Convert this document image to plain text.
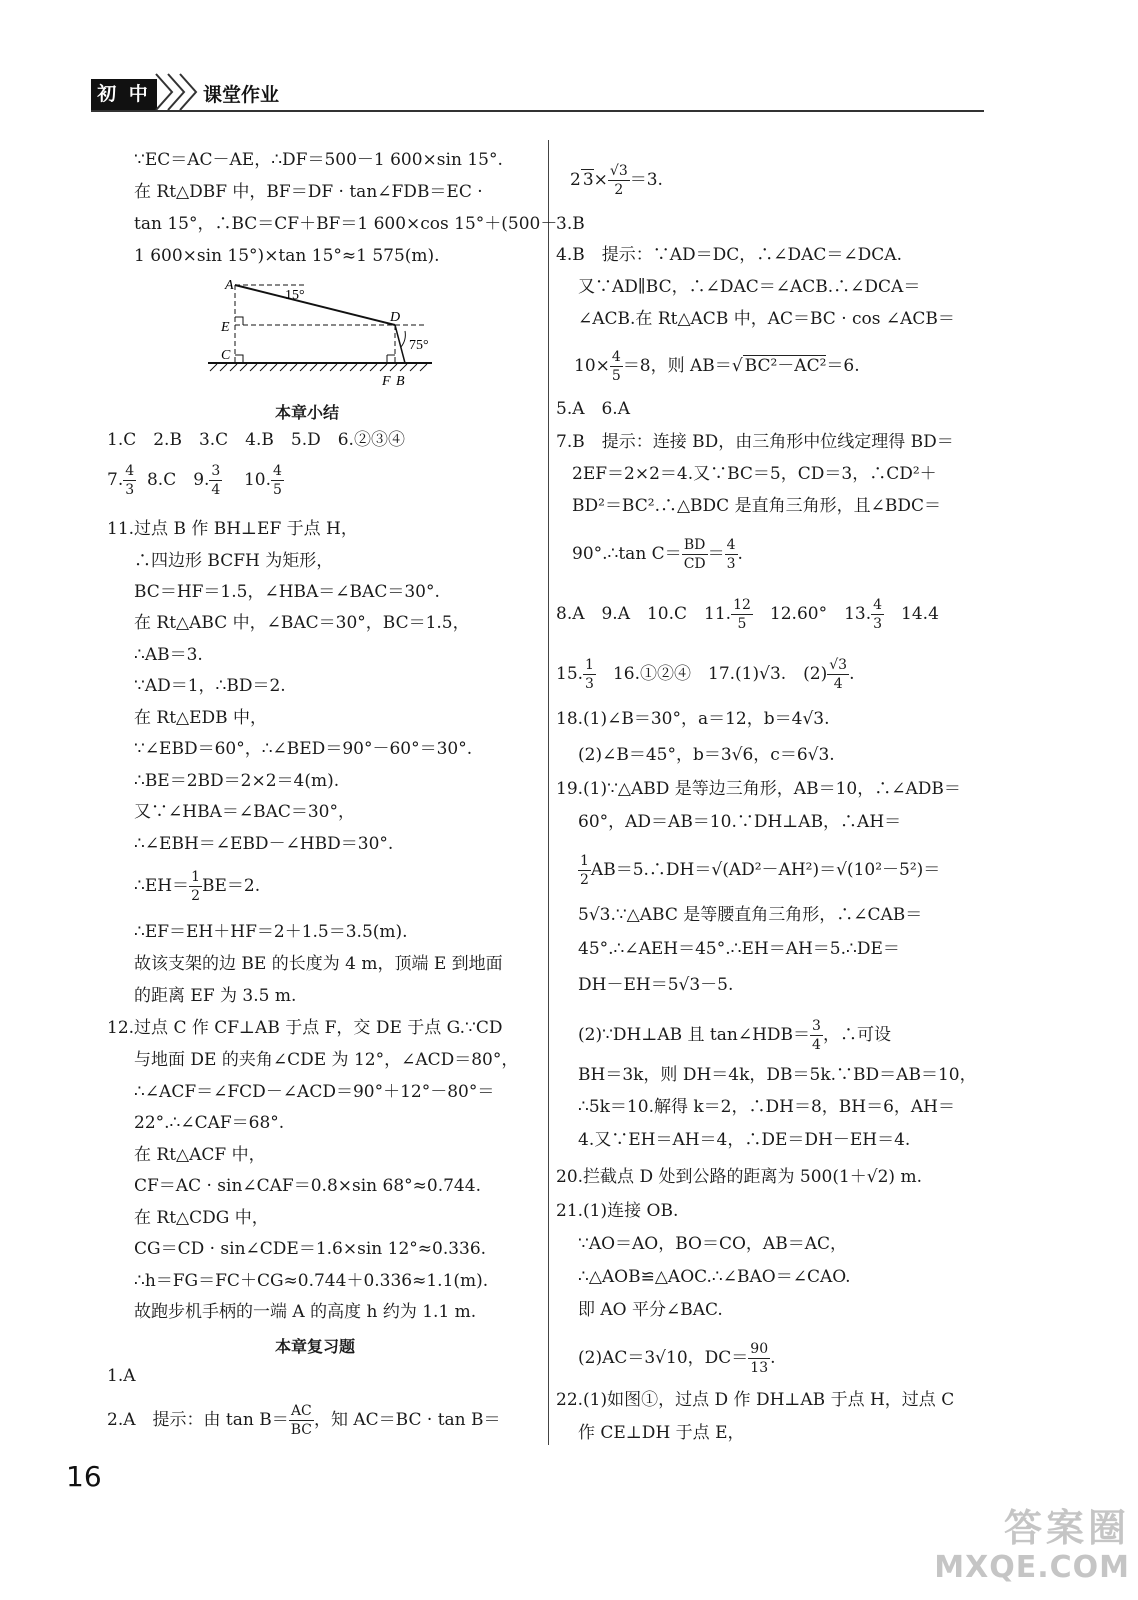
初 中	课堂作业
∵EC＝AC－AE，∴DF＝500－1 600×sin 15°.
在 Rt△DBF 中，BF＝DF · tan∠FDB＝EC ·
tan 15°，∴BC＝CF＋BF＝1 600×cos 15°＋(500－
1 600×sin 15°)×tan 15°≈1 575(m).
A
15°
E
C
D
75°
F B
本章小结
1.C　2.B　3.C　4.B　5.D　6.②③④
7. $\frac{4}{3} 8.C$　9. $\frac{3}{4} 10$. $\frac{4}{5}$
11.过点 B 作 BH⊥EF 于点 H，
∴四边形 BCFH 为矩形，
BC＝HF＝1.5，∠HBA＝∠BAC＝30°.
在 Rt△ABC 中，∠BAC＝30°，BC＝1.5，
∴AB＝3.
∵AD＝1，∴BD＝2.
在 Rt△EDB 中，
∵∠EBD＝60°，∴∠BED＝90°－60°＝30°.
∴BE＝2BD＝2×2＝4(m).
又∵∠HBA＝∠BAC＝30°，
∴∠EBH＝∠EBD－∠HBD＝30°.
∴EH＝ $\frac{1}{2} BE=2$.
∴EF＝EH＋HF＝2＋1.5＝3.5(m).
故该支架的边 BE 的长度为 4 m，顶端 E 到地面
的距离 EF 为 3.5 m.
12.过点 C 作 CF⊥AB 于点 F，交 DE 于点 G.∵CD
与地面 DE 的夹角∠CDE 为 12°，∠ACD＝80°，
∴∠ACF＝∠FCD－∠ACD＝90°＋12°－80°＝
22°.∴∠CAF＝68°.
在 Rt△ACF 中，
CF＝AC · sin∠CAF＝0.8×sin 68°≈0.744.
在 Rt△CDG 中，
CG＝CD · sin∠CDE＝1.6×sin 12°≈0.336.
∴h＝FG＝FC＋CG≈0.744＋0.336≈1.1(m).
故跑步机手柄的一端 A 的高度 h 约为 1.1 m.
本章复习题
1.A
2.A　提示：由 $\tan B= \frac{AC}{BC}$ ，知 AC＝BC · tan B＝
2 $3\times \frac{√3}{2} =3$.
3.B
4.B　提示：∵AD＝DC，∴∠DAC＝∠DCA.
又∵AD∥BC，∴∠DAC＝∠ACB.∴∠DCA＝
∠ACB.在 Rt△ACB 中，AC＝BC · cos ∠ACB＝
$10\times \frac{4}{5} =8$，则 AB＝√ BC²－AC²＝6.
5.A　6.A
7.B　提示：连接 BD，由三角形中位线定理得 BD＝
2EF＝2×2＝4.又∵BC＝5，CD＝3，∴CD²＋
BD²＝BC².∴△BDC 是直角三角形，且∠BDC＝
90°.∴tan $C= \frac{BD}{CD} = \frac{4}{3}$ .
8.A　9.A　10.C　11. $\frac{12}{5}$ 　12.60°　13. $\frac{4}{3}$ 　14.4
15. $\frac{1}{3}$ 　16.①②④　17.(1)√3.　$(2) \frac{√3}{4}$ .
18.(1)∠B＝30°，a＝12，b＝4√3.
(2)∠B＝45°，b＝3√6，c＝6√3.
19.(1)∵△ABD 是等边三角形，AB＝10，∴∠ADB＝
60°，AD＝AB＝10.∵DH⊥AB，∴AH＝
$\frac{1}{2}$ AB＝5.∴DH＝√(AD²－AH²)＝√(10²－5²)＝
5√3.∵△ABC 是等腰直角三角形，∴∠CAB＝
45°.∴∠AEH＝45°.∴EH＝AH＝5.∴DE＝
DH－EH＝5√3－5.
(2)∵DH⊥AB 且 tan∠HDB＝ $\frac{3}{4}$ ，∴可设
BH＝3k，则 DH＝4k，DB＝5k.∵BD＝AB＝10，
∴5k＝10.解得 k＝2，∴DH＝8，BH＝6，AH＝
4.又∵EH＝AH＝4，∴DE＝DH－EH＝4.
20.拦截点 D 处到公路的距离为 500(1＋√2) m.
21.(1)连接 OB.
∵AO＝AO，BO＝CO，AB＝AC，
∴△AOB≌△AOC.∴∠BAO＝∠CAO.
即 AO 平分∠BAC.
(2)AC＝3√10，$DC= \frac{90}{13}$ .
22.(1)如图①，过点 D 作 DH⊥AB 于点 H，过点 C
作 CE⊥DH 于点 E，
16
答案圈
MXQE.COM
